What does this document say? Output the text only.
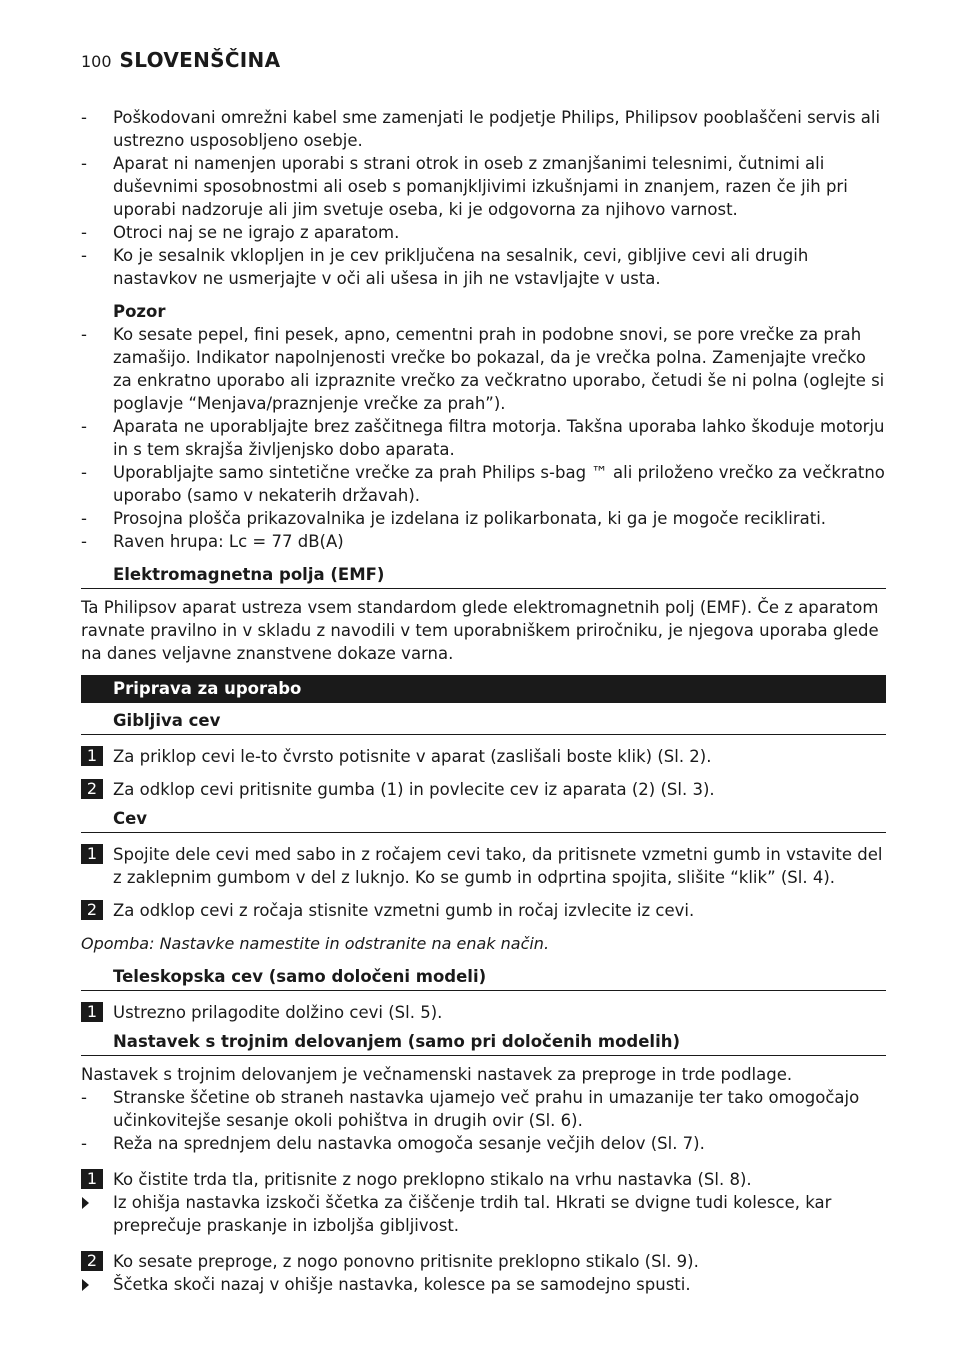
100 SLOVENŠČINA
- Poškodovani omrežni kabel sme zamenjati le podjetje Philips, Philipsov pooblaščeni servis ali ustrezno usposobljeno osebje.
- Aparat ni namenjen uporabi s strani otrok in oseb z zmanjšanimi telesnimi, čutnimi ali duševnimi sposobnostmi ali oseb s pomanjkljivimi izkušnjami in znanjem, razen če jih pri uporabi nadzoruje ali jim svetuje oseba, ki je odgovorna za njihovo varnost.
- Otroci naj se ne igrajo z aparatom.
- Ko je sesalnik vklopljen in je cev priključena na sesalnik, cevi, gibljive cevi ali drugih nastavkov ne usmerjajte v oči ali ušesa in jih ne vstavljajte v usta.
Pozor
- Ko sesate pepel, fini pesek, apno, cementni prah in podobne snovi, se pore vrečke za prah zamašijo. Indikator napolnjenosti vrečke bo pokazal, da je vrečka polna. Zamenjajte vrečko za enkratno uporabo ali izpraznite vrečko za večkratno uporabo, četudi še ni polna (oglejte si poglavje “Menjava/praznjenje vrečke za prah”).
- Aparata ne uporabljajte brez zaščitnega filtra motorja. Takšna uporaba lahko škoduje motorju in s tem skrajša življenjsko dobo aparata.
- Uporabljajte samo sintetične vrečke za prah Philips s-bag ™ ali priloženo vrečko za večkratno uporabo (samo v nekaterih državah).
- Prosojna plošča prikazovalnika je izdelana iz polikarbonata, ki ga je mogoče reciklirati.
- Raven hrupa: Lc = 77 dB(A)
Elektromagnetna polja (EMF)
Ta Philipsov aparat ustreza vsem standardom glede elektromagnetnih polj (EMF). Če z aparatom ravnate pravilno in v skladu z navodili v tem uporabniškem priročniku, je njegova uporaba glede na danes veljavne znanstvene dokaze varna.
Priprava za uporabo
Gibljiva cev
1 Za priklop cevi le-to čvrsto potisnite v aparat (zaslišali boste klik) (Sl. 2).
2 Za odklop cevi pritisnite gumba (1) in povlecite cev iz aparata (2) (Sl. 3).
Cev
1 Spojite dele cevi med sabo in z ročajem cevi tako, da pritisnete vzmetni gumb in vstavite del z zaklepnim gumbom v del z luknjo. Ko se gumb in odprtina spojita, slišite “klik” (Sl. 4).
2 Za odklop cevi z ročaja stisnite vzmetni gumb in ročaj izvlecite iz cevi.
Opomba: Nastavke namestite in odstranite na enak način.
Teleskopska cev (samo določeni modeli)
1 Ustrezno prilagodite dolžino cevi (Sl. 5).
Nastavek s trojnim delovanjem (samo pri določenih modelih)
Nastavek s trojnim delovanjem je večnamenski nastavek za preproge in trde podlage.
- Stranske ščetine ob straneh nastavka ujamejo več prahu in umazanije ter tako omogočajo učinkovitejše sesanje okoli pohištva in drugih ovir (Sl. 6).
- Reža na sprednjem delu nastavka omogoča sesanje večjih delov (Sl. 7).
1 Ko čistite trda tla, pritisnite z nogo preklopno stikalo na vrhu nastavka (Sl. 8).
Iz ohišja nastavka izskoči ščetka za čiščenje trdih tal. Hkrati se dvigne tudi kolesce, kar preprečuje praskanje in izboljša gibljivost.
2 Ko sesate preproge, z nogo ponovno pritisnite preklopno stikalo (Sl. 9).
Ščetka skoči nazaj v ohišje nastavka, kolesce pa se samodejno spusti.
